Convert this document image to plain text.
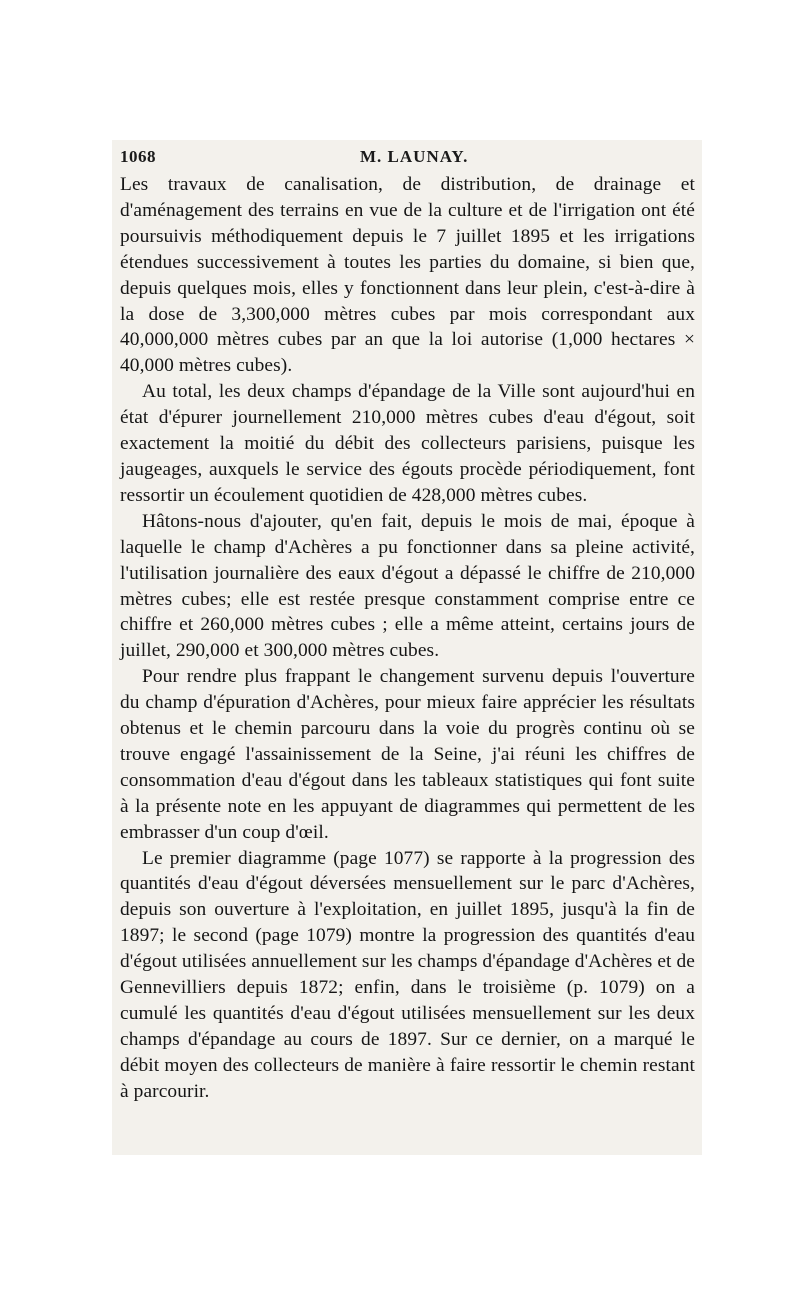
1068	M. LAUNAY.

Les travaux de canalisation, de distribution, de drainage et d'aménagement des terrains en vue de la culture et de l'irrigation ont été poursuivis méthodiquement depuis le 7 juillet 1895 et les irrigations étendues successivement à toutes les parties du domaine, si bien que, depuis quelques mois, elles y fonctionnent dans leur plein, c'est-à-dire à la dose de 3,300,000 mètres cubes par mois correspondant aux 40,000,000 mètres cubes par an que la loi autorise (1,000 hectares × 40,000 mètres cubes).

Au total, les deux champs d'épandage de la Ville sont aujourd'hui en état d'épurer journellement 210,000 mètres cubes d'eau d'égout, soit exactement la moitié du débit des collecteurs parisiens, puisque les jaugeages, auxquels le service des égouts procède périodiquement, font ressortir un écoulement quotidien de 428,000 mètres cubes.

Hâtons-nous d'ajouter, qu'en fait, depuis le mois de mai, époque à laquelle le champ d'Achères a pu fonctionner dans sa pleine activité, l'utilisation journalière des eaux d'égout a dépassé le chiffre de 210,000 mètres cubes; elle est restée presque constamment comprise entre ce chiffre et 260,000 mètres cubes ; elle a même atteint, certains jours de juillet, 290,000 et 300,000 mètres cubes.

Pour rendre plus frappant le changement survenu depuis l'ouverture du champ d'épuration d'Achères, pour mieux faire apprécier les résultats obtenus et le chemin parcouru dans la voie du progrès continu où se trouve engagé l'assainissement de la Seine, j'ai réuni les chiffres de consommation d'eau d'égout dans les tableaux statistiques qui font suite à la présente note en les appuyant de diagrammes qui permettent de les embrasser d'un coup d'œil.

Le premier diagramme (page 1077) se rapporte à la progression des quantités d'eau d'égout déversées mensuellement sur le parc d'Achères, depuis son ouverture à l'exploitation, en juillet 1895, jusqu'à la fin de 1897; le second (page 1079) montre la progression des quantités d'eau d'égout utilisées annuellement sur les champs d'épandage d'Achères et de Gennevilliers depuis 1872; enfin, dans le troisième (p. 1079) on a cumulé les quantités d'eau d'égout utilisées mensuellement sur les deux champs d'épandage au cours de 1897. Sur ce dernier, on a marqué le débit moyen des collecteurs de manière à faire ressortir le chemin restant à parcourir.
